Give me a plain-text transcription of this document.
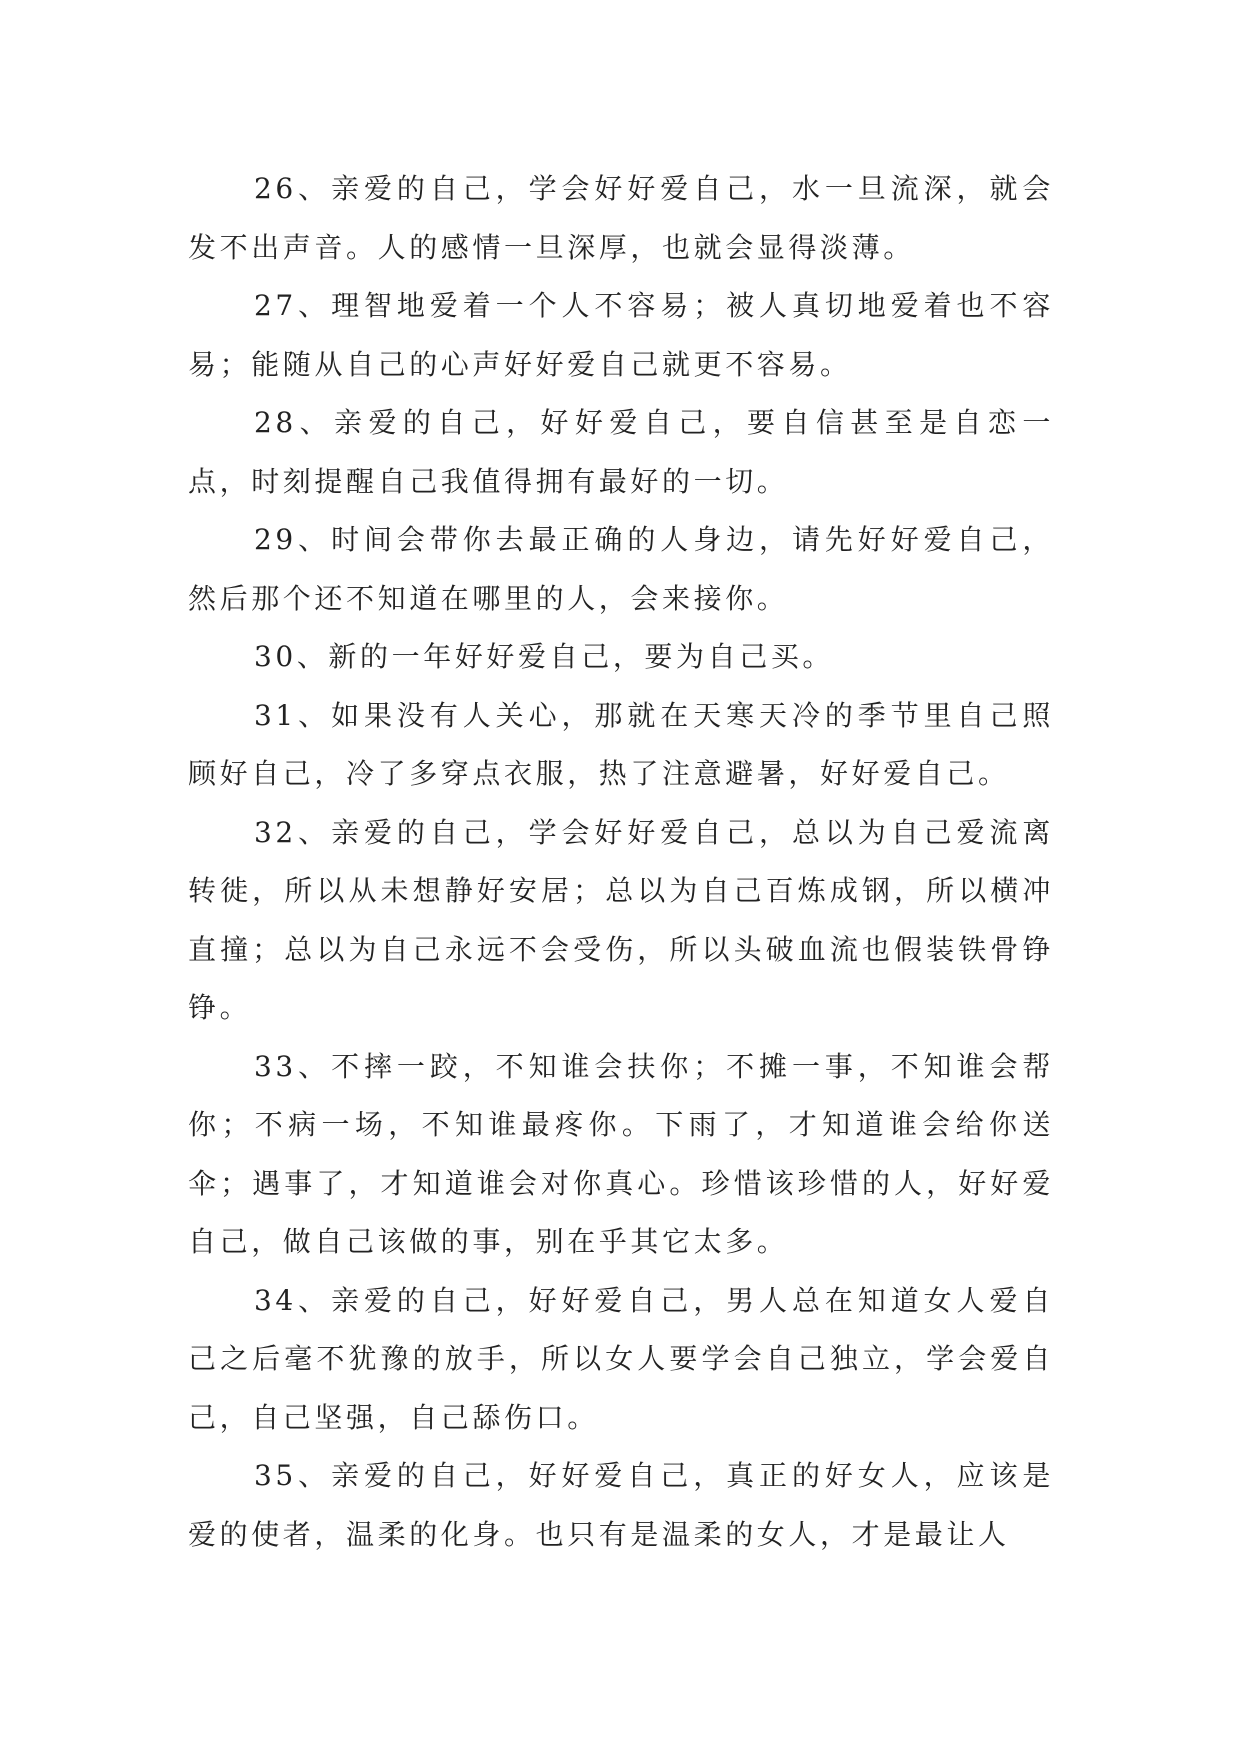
26、亲爱的自己，学会好好爱自己，水一旦流深，就会发不出声音。人的感情一旦深厚，也就会显得淡薄。

27、理智地爱着一个人不容易；被人真切地爱着也不容易；能随从自己的心声好好爱自己就更不容易。

28、亲爱的自己，好好爱自己，要自信甚至是自恋一点，时刻提醒自己我值得拥有最好的一切。

29、时间会带你去最正确的人身边，请先好好爱自己，然后那个还不知道在哪里的人，会来接你。

30、新的一年好好爱自己，要为自己买。

31、如果没有人关心，那就在天寒天冷的季节里自己照顾好自己，冷了多穿点衣服，热了注意避暑，好好爱自己。

32、亲爱的自己，学会好好爱自己，总以为自己爱流离转徙，所以从未想静好安居；总以为自己百炼成钢，所以横冲直撞；总以为自己永远不会受伤，所以头破血流也假装铁骨铮铮。

33、不摔一跤，不知谁会扶你；不摊一事，不知谁会帮你；不病一场，不知谁最疼你。下雨了，才知道谁会给你送伞；遇事了，才知道谁会对你真心。珍惜该珍惜的人，好好爱自己，做自己该做的事，别在乎其它太多。

34、亲爱的自己，好好爱自己，男人总在知道女人爱自己之后毫不犹豫的放手，所以女人要学会自己独立，学会爱自己，自己坚强，自己舔伤口。

35、亲爱的自己，好好爱自己，真正的好女人，应该是爱的使者，温柔的化身。也只有是温柔的女人，才是最让人
